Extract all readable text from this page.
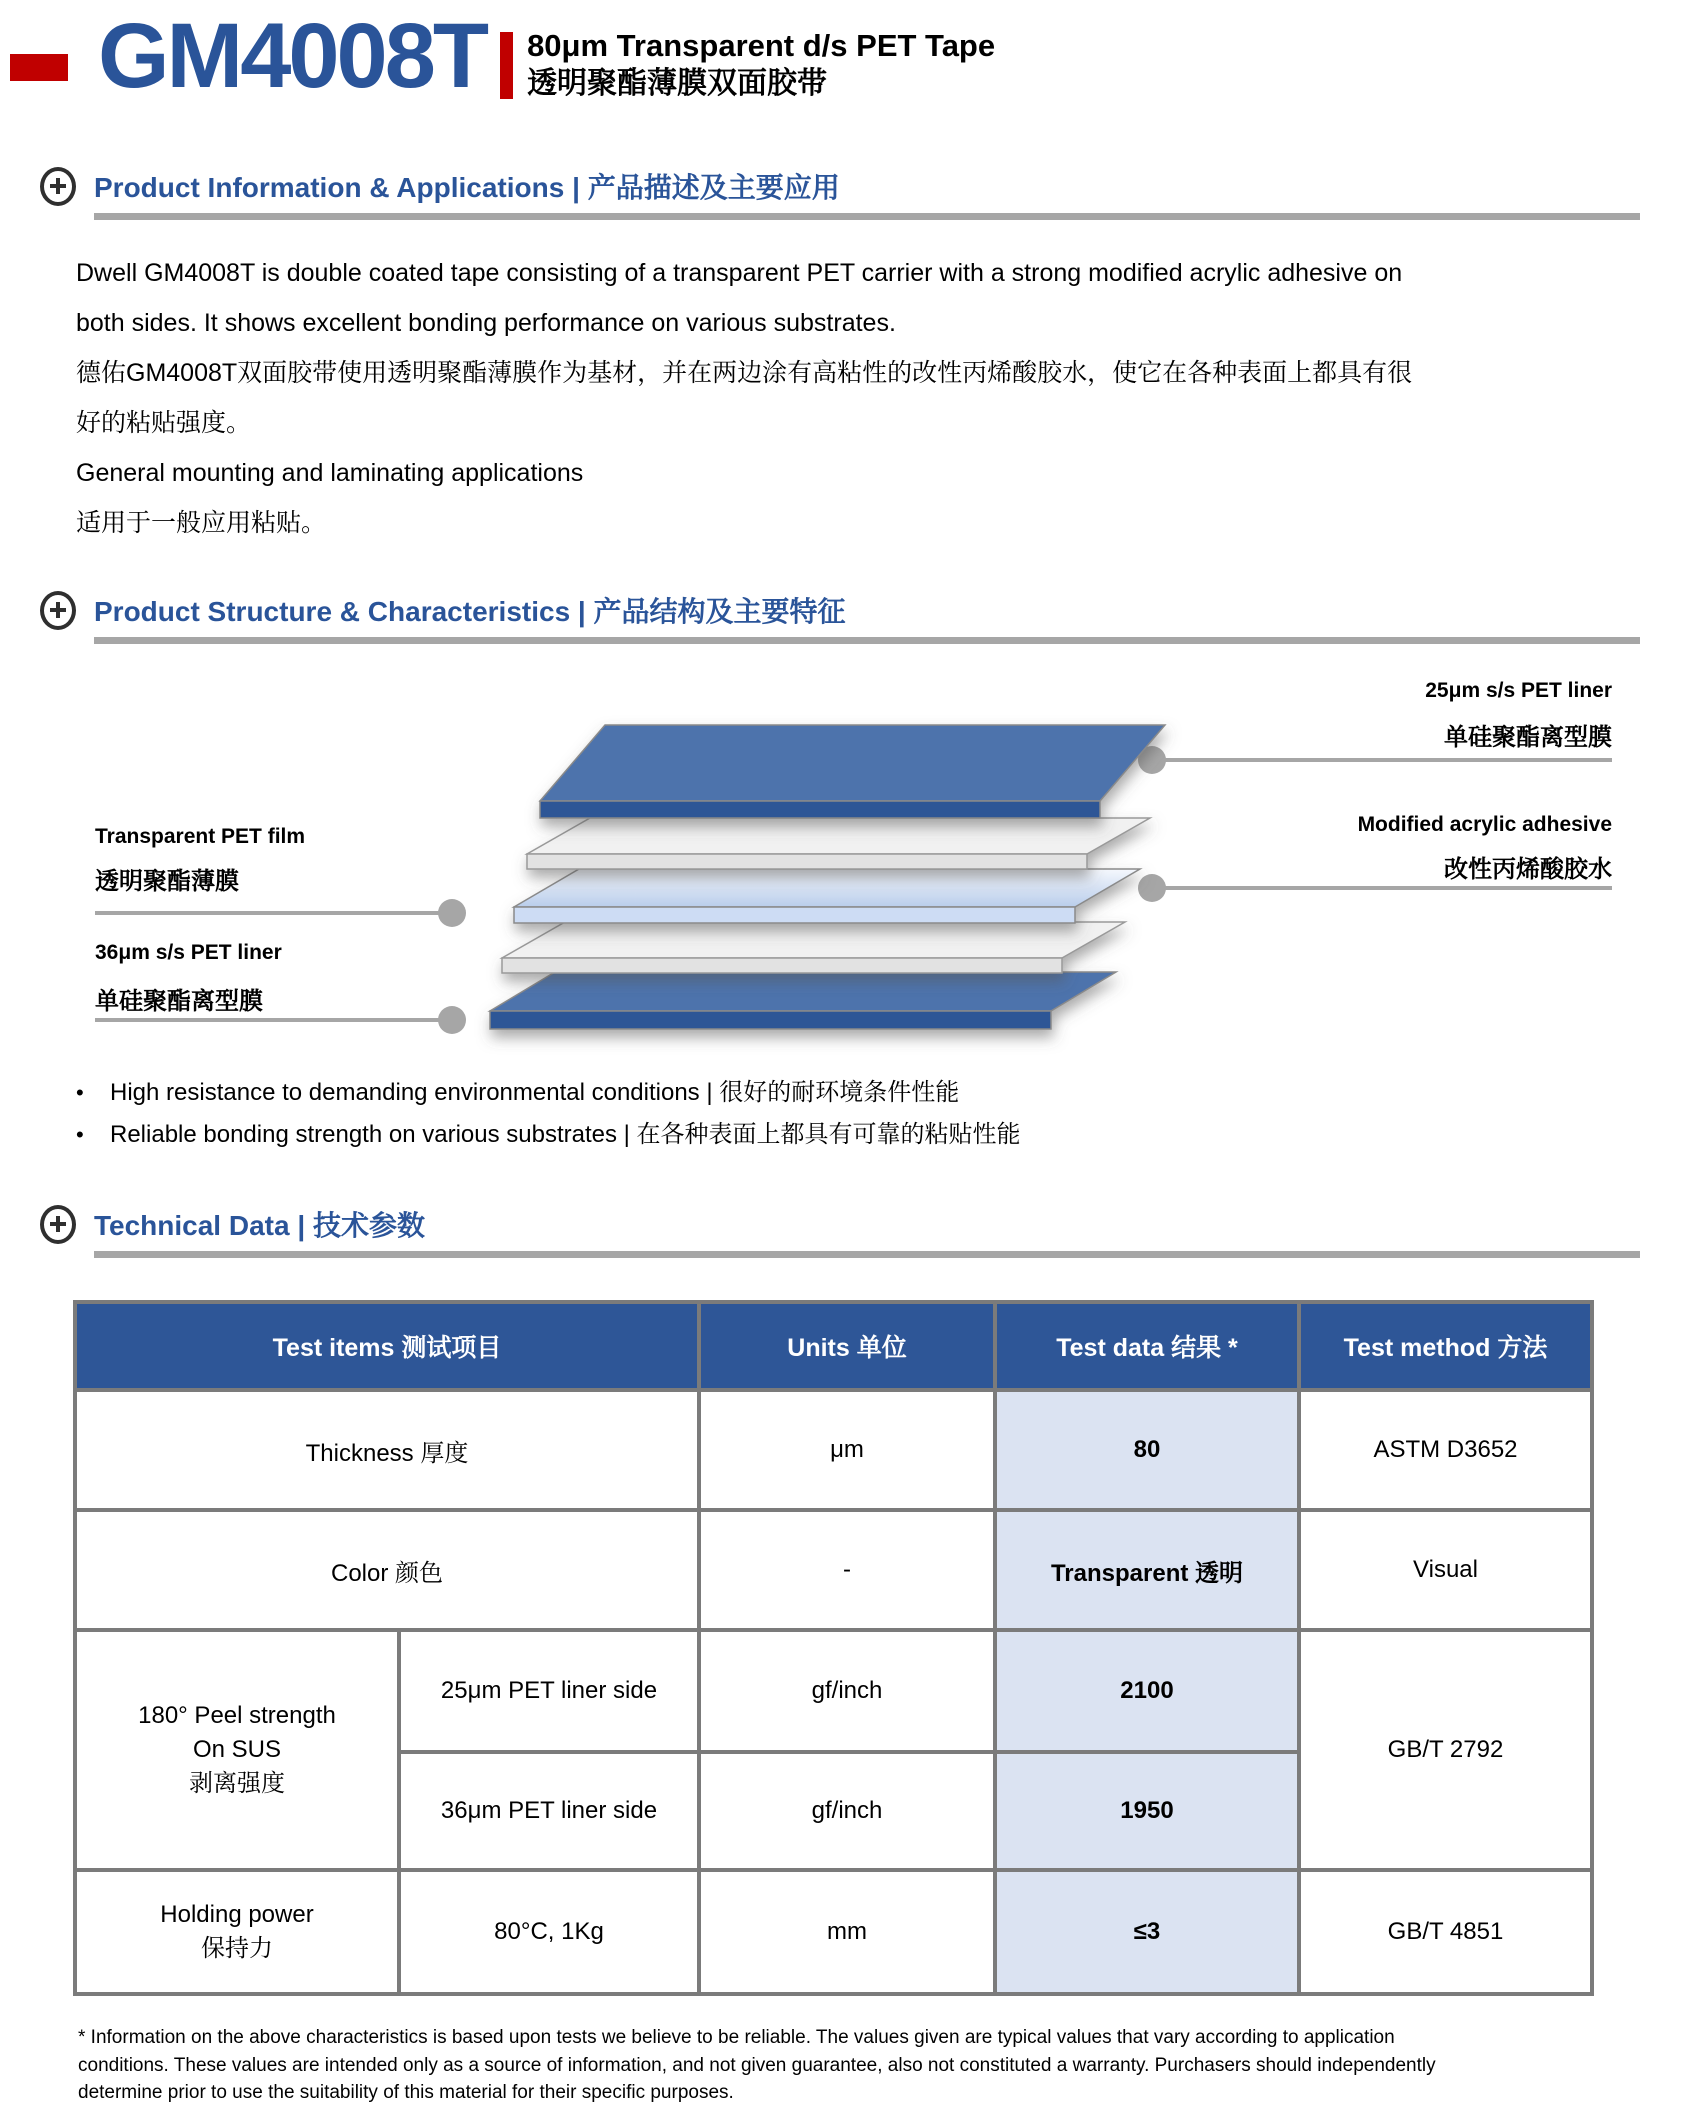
GM4008T 80μm Transparent d/s PET Tape
透明聚酯薄膜双面胶带
Product Information & Applications | 产品描述及主要应用
Dwell GM4008T is double coated tape consisting of a transparent PET carrier with a strong modified acrylic adhesive on
both sides. It shows excellent bonding performance on various substrates.
德佑GM4008T双面胶带使用透明聚酯薄膜作为基材，并在两边涂有高粘性的改性丙烯酸胶水，使它在各种表面上都具有很
好的粘贴强度。
General mounting and laminating applications
适用于一般应用粘贴。
Product Structure & Characteristics | 产品结构及主要特征
25μm s/s PET liner
单硅聚酯离型膜
Modified acrylic adhesive
改性丙烯酸胶水
Transparent PET film
透明聚酯薄膜
36μm s/s PET liner
单硅聚酯离型膜
• High resistance to demanding environmental conditions | 很好的耐环境条件性能
• Reliable bonding strength on various substrates | 在各种表面上都具有可靠的粘贴性能
Technical Data | 技术参数
Test items 测试项目		Units 单位	Test data 结果 *	Test method 方法
Thickness 厚度		μm	80	ASTM D3652
Color 颜色		-	Transparent 透明	Visual

180° Peel strength
On SUS
剥离强度	25μm PET liner side	gf/inch	2100	GB/T 2792
	36μm PET liner side	gf/inch	1950	

Holding power
保持力	80°C, 1Kg	mm	≤3	GB/T 4851
* Information on the above characteristics is based upon tests we believe to be reliable. The values given are typical values that vary according to application
conditions. These values are intended only as a source of information, and not given guarantee, also not constituted a warranty. Purchasers should independently
determine prior to use the suitability of this material for their specific purposes.
